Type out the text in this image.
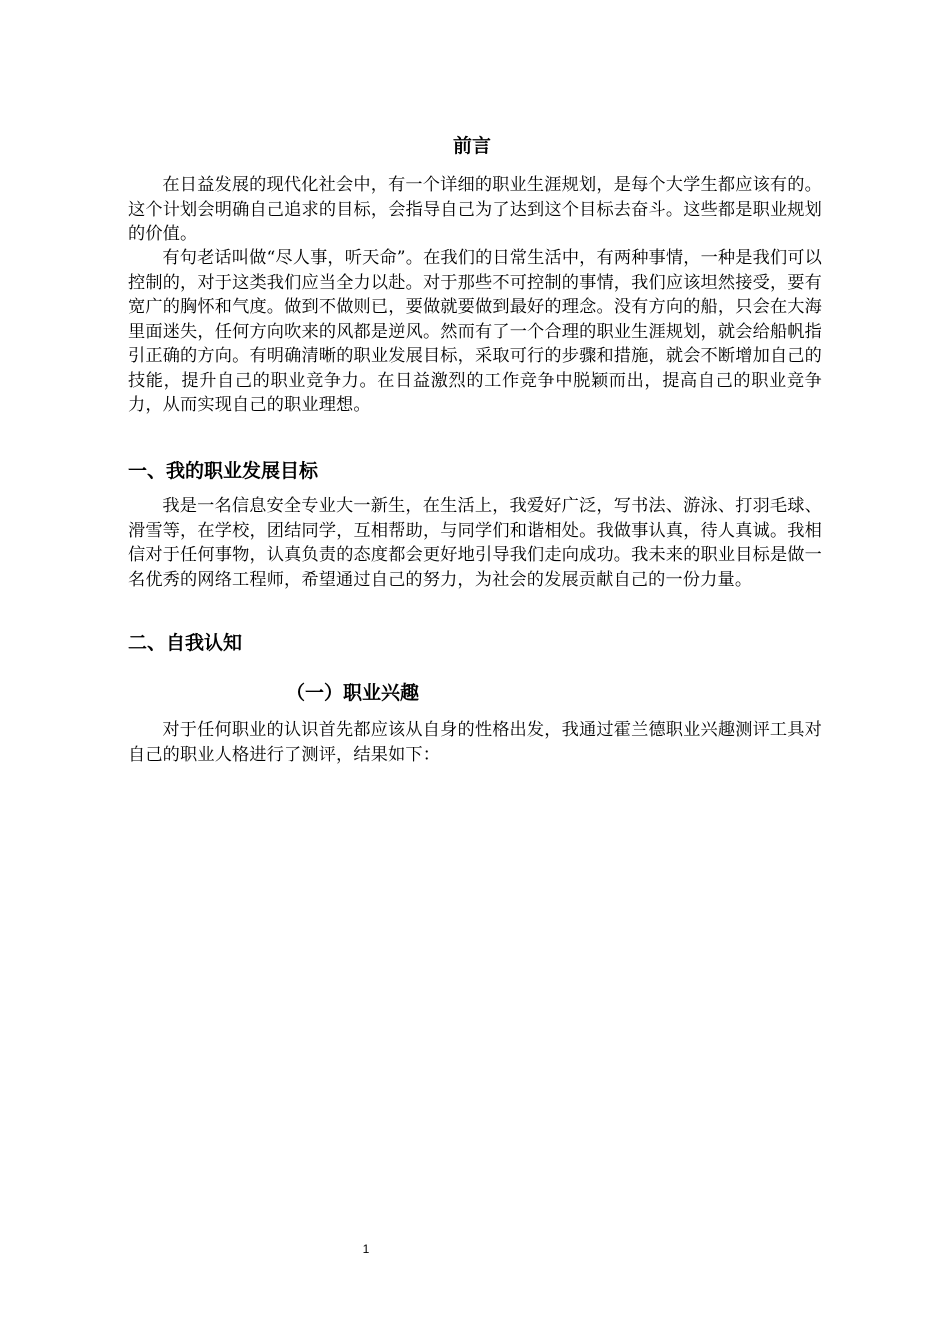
前言

在日益发展的现代化社会中，有一个详细的职业生涯规划，是每个大学生都应该有的。这个计划会明确自己追求的目标，会指导自己为了达到这个目标去奋斗。这些都是职业规划的价值。

有句老话叫做“尽人事，听天命”。在我们的日常生活中，有两种事情，一种是我们可以控制的，对于这类我们应当全力以赴。对于那些不可控制的事情，我们应该坦然接受，要有宽广的胸怀和气度。做到不做则已，要做就要做到最好的理念。没有方向的船，只会在大海里面迷失，任何方向吹来的风都是逆风。然而有了一个合理的职业生涯规划，就会给船帆指引正确的方向。有明确清晰的职业发展目标，采取可行的步骤和措施，就会不断增加自己的技能，提升自己的职业竞争力。在日益激烈的工作竞争中脱颖而出，提高自己的职业竞争力，从而实现自己的职业理想。

一、我的职业发展目标

我是一名信息安全专业大一新生，在生活上，我爱好广泛，写书法、游泳、打羽毛球、滑雪等，在学校，团结同学，互相帮助，与同学们和谐相处。我做事认真，待人真诚。我相信对于任何事物，认真负责的态度都会更好地引导我们走向成功。我未来的职业目标是做一名优秀的网络工程师，希望通过自己的努力，为社会的发展贡献自己的一份力量。

二、自我认知
（一）职业兴趣

对于任何职业的认识首先都应该从自身的性格出发，我通过霍兰德职业兴趣测评工具对自己的职业人格进行了测评，结果如下：

1
